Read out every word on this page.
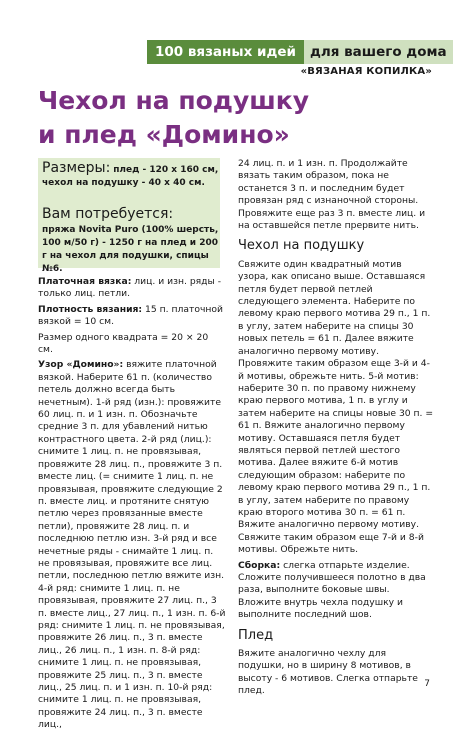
100 вязаных идей	для вашего дома
«ВЯЗАНАЯ КОПИЛКА»
Чехол на подушку
и плед «Домино»
Размеры: плед - 120 х 160 см,
чехол на подушку - 40 х 40 см.
Вам потребуется:
пряжа Novita Puro (100% шерсть, 100 м/50 г) - 1250 г на плед и 200 г на чехол для подушки, спицы №6.

Платочная вязка: лиц. и изн. ряды - только лиц. петли.

Плотность вязания: 15 п. платочной вязкой = 10 см.

Размер одного квадрата = 20 × 20 см.

Узор «Домино»: вяжите платочной вязкой. Наберите 61 п. (количество петель должно всегда быть нечетным). 1-й ряд (изн.): провяжите 60 лиц. п. и 1 изн. п. Обозначьте средние 3 п. для убавлений нитью контрастного цвета. 2-й ряд (лиц.): снимите 1 лиц. п. не провязывая, провяжите 28 лиц. п., провяжите 3 п. вместе лиц. (= снимите 1 лиц. п. не провязывая, провяжите следующие 2 п. вместе лиц. и протяните снятую петлю через провязанные вместе петли), провяжите 28 лиц. п. и последнюю петлю изн. 3-й ряд и все нечетные ряды - снимайте 1 лиц. п. не провязывая, провяжите все лиц. петли, последнюю петлю вяжите изн. 4-й ряд: снимите 1 лиц. п. не провязывая, провяжите 27 лиц. п., 3 п. вместе лиц., 27 лиц. п., 1 изн. п. 6-й ряд: снимите 1 лиц. п. не провязывая, провяжите 26 лиц. п., 3 п. вместе лиц., 26 лиц. п., 1 изн. п. 8-й ряд: снимите 1 лиц. п. не провязывая, провяжите 25 лиц. п., 3 п. вместе лиц., 25 лиц. п. и 1 изн. п. 10-й ряд: снимите 1 лиц. п. не провязывая, провяжите 24 лиц. п., 3 п. вместе лиц.,

24 лиц. п. и 1 изн. п. Продолжайте вязать таким образом, пока не останется 3 п. и последним будет провязан ряд с изнаночной стороны. Провяжите еще раз 3 п. вместе лиц. и на оставшейся петле прервите нить.

Чехол на подушку

Свяжите один квадратный мотив узора, как описано выше. Оставшаяся петля будет первой петлей следующего элемента. Наберите по левому краю первого мотива 29 п., 1 п. в углу, затем наберите на спицы 30 новых петель = 61 п. Далее вяжите аналогично первому мотиву. Провяжите таким образом еще 3-й и 4-й мотивы, обрежьте нить. 5-й мотив: наберите 30 п. по правому нижнему краю первого мотива, 1 п. в углу и затем наберите на спицы новые 30 п. = 61 п. Вяжите аналогично первому мотиву. Оставшаяся петля будет являться первой петлей шестого мотива. Далее вяжите 6-й мотив следующим образом: наберите по левому краю первого мотива 29 п., 1 п. в углу, затем наберите по правому краю второго мотива 30 п. = 61 п. Вяжите аналогично первому мотиву. Свяжите таким образом еще 7-й и 8-й мотивы. Обрежьте нить.

Сборка: слегка отпарьте изделие. Сложите получившееся полотно в два раза, выполните боковые швы. Вложите внутрь чехла подушку и выполните последний шов.

Плед

Вяжите аналогично чехлу для подушки, но в ширину 8 мотивов, в высоту - 6 мотивов. Слегка отпарьте плед.

7
